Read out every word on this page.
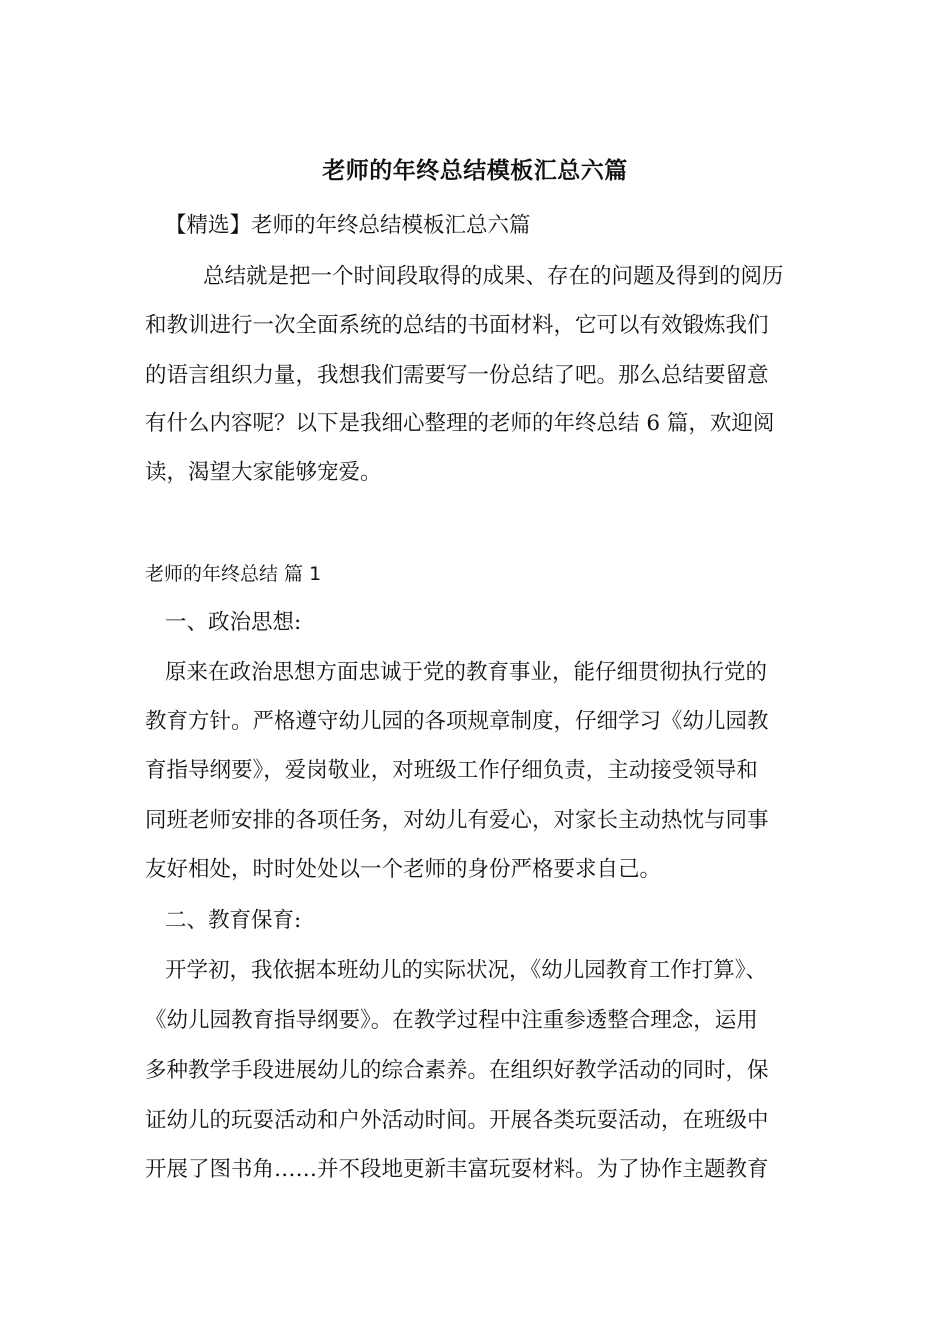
老师的年终总结模板汇总六篇
【精选】老师的年终总结模板汇总六篇
总结就是把一个时间段取得的成果、存在的问题及得到的阅历
和教训进行一次全面系统的总结的书面材料，它可以有效锻炼我们
的语言组织力量，我想我们需要写一份总结了吧。那么总结要留意
有什么内容呢？以下是我细心整理的老师的年终总结 6 篇，欢迎阅
读，渴望大家能够宠爱。
老师的年终总结 篇 1
一、政治思想:
原来在政治思想方面忠诚于党的教育事业，能仔细贯彻执行党的
教育方针。严格遵守幼儿园的各项规章制度，仔细学习《幼儿园教
育指导纲要》，爱岗敬业，对班级工作仔细负责，主动接受领导和
同班老师安排的各项任务，对幼儿有爱心，对家长主动热忱与同事
友好相处，时时处处以一个老师的身份严格要求自己。
二、教育保育:
开学初，我依据本班幼儿的实际状况，《幼儿园教育工作打算》、
《幼儿园教育指导纲要》。在教学过程中注重参透整合理念，运用
多种教学手段进展幼儿的综合素养。在组织好教学活动的同时，保
证幼儿的玩耍活动和户外活动时间。开展各类玩耍活动，在班级中
开展了图书角……并不段地更新丰富玩耍材料。为了协作主题教育
